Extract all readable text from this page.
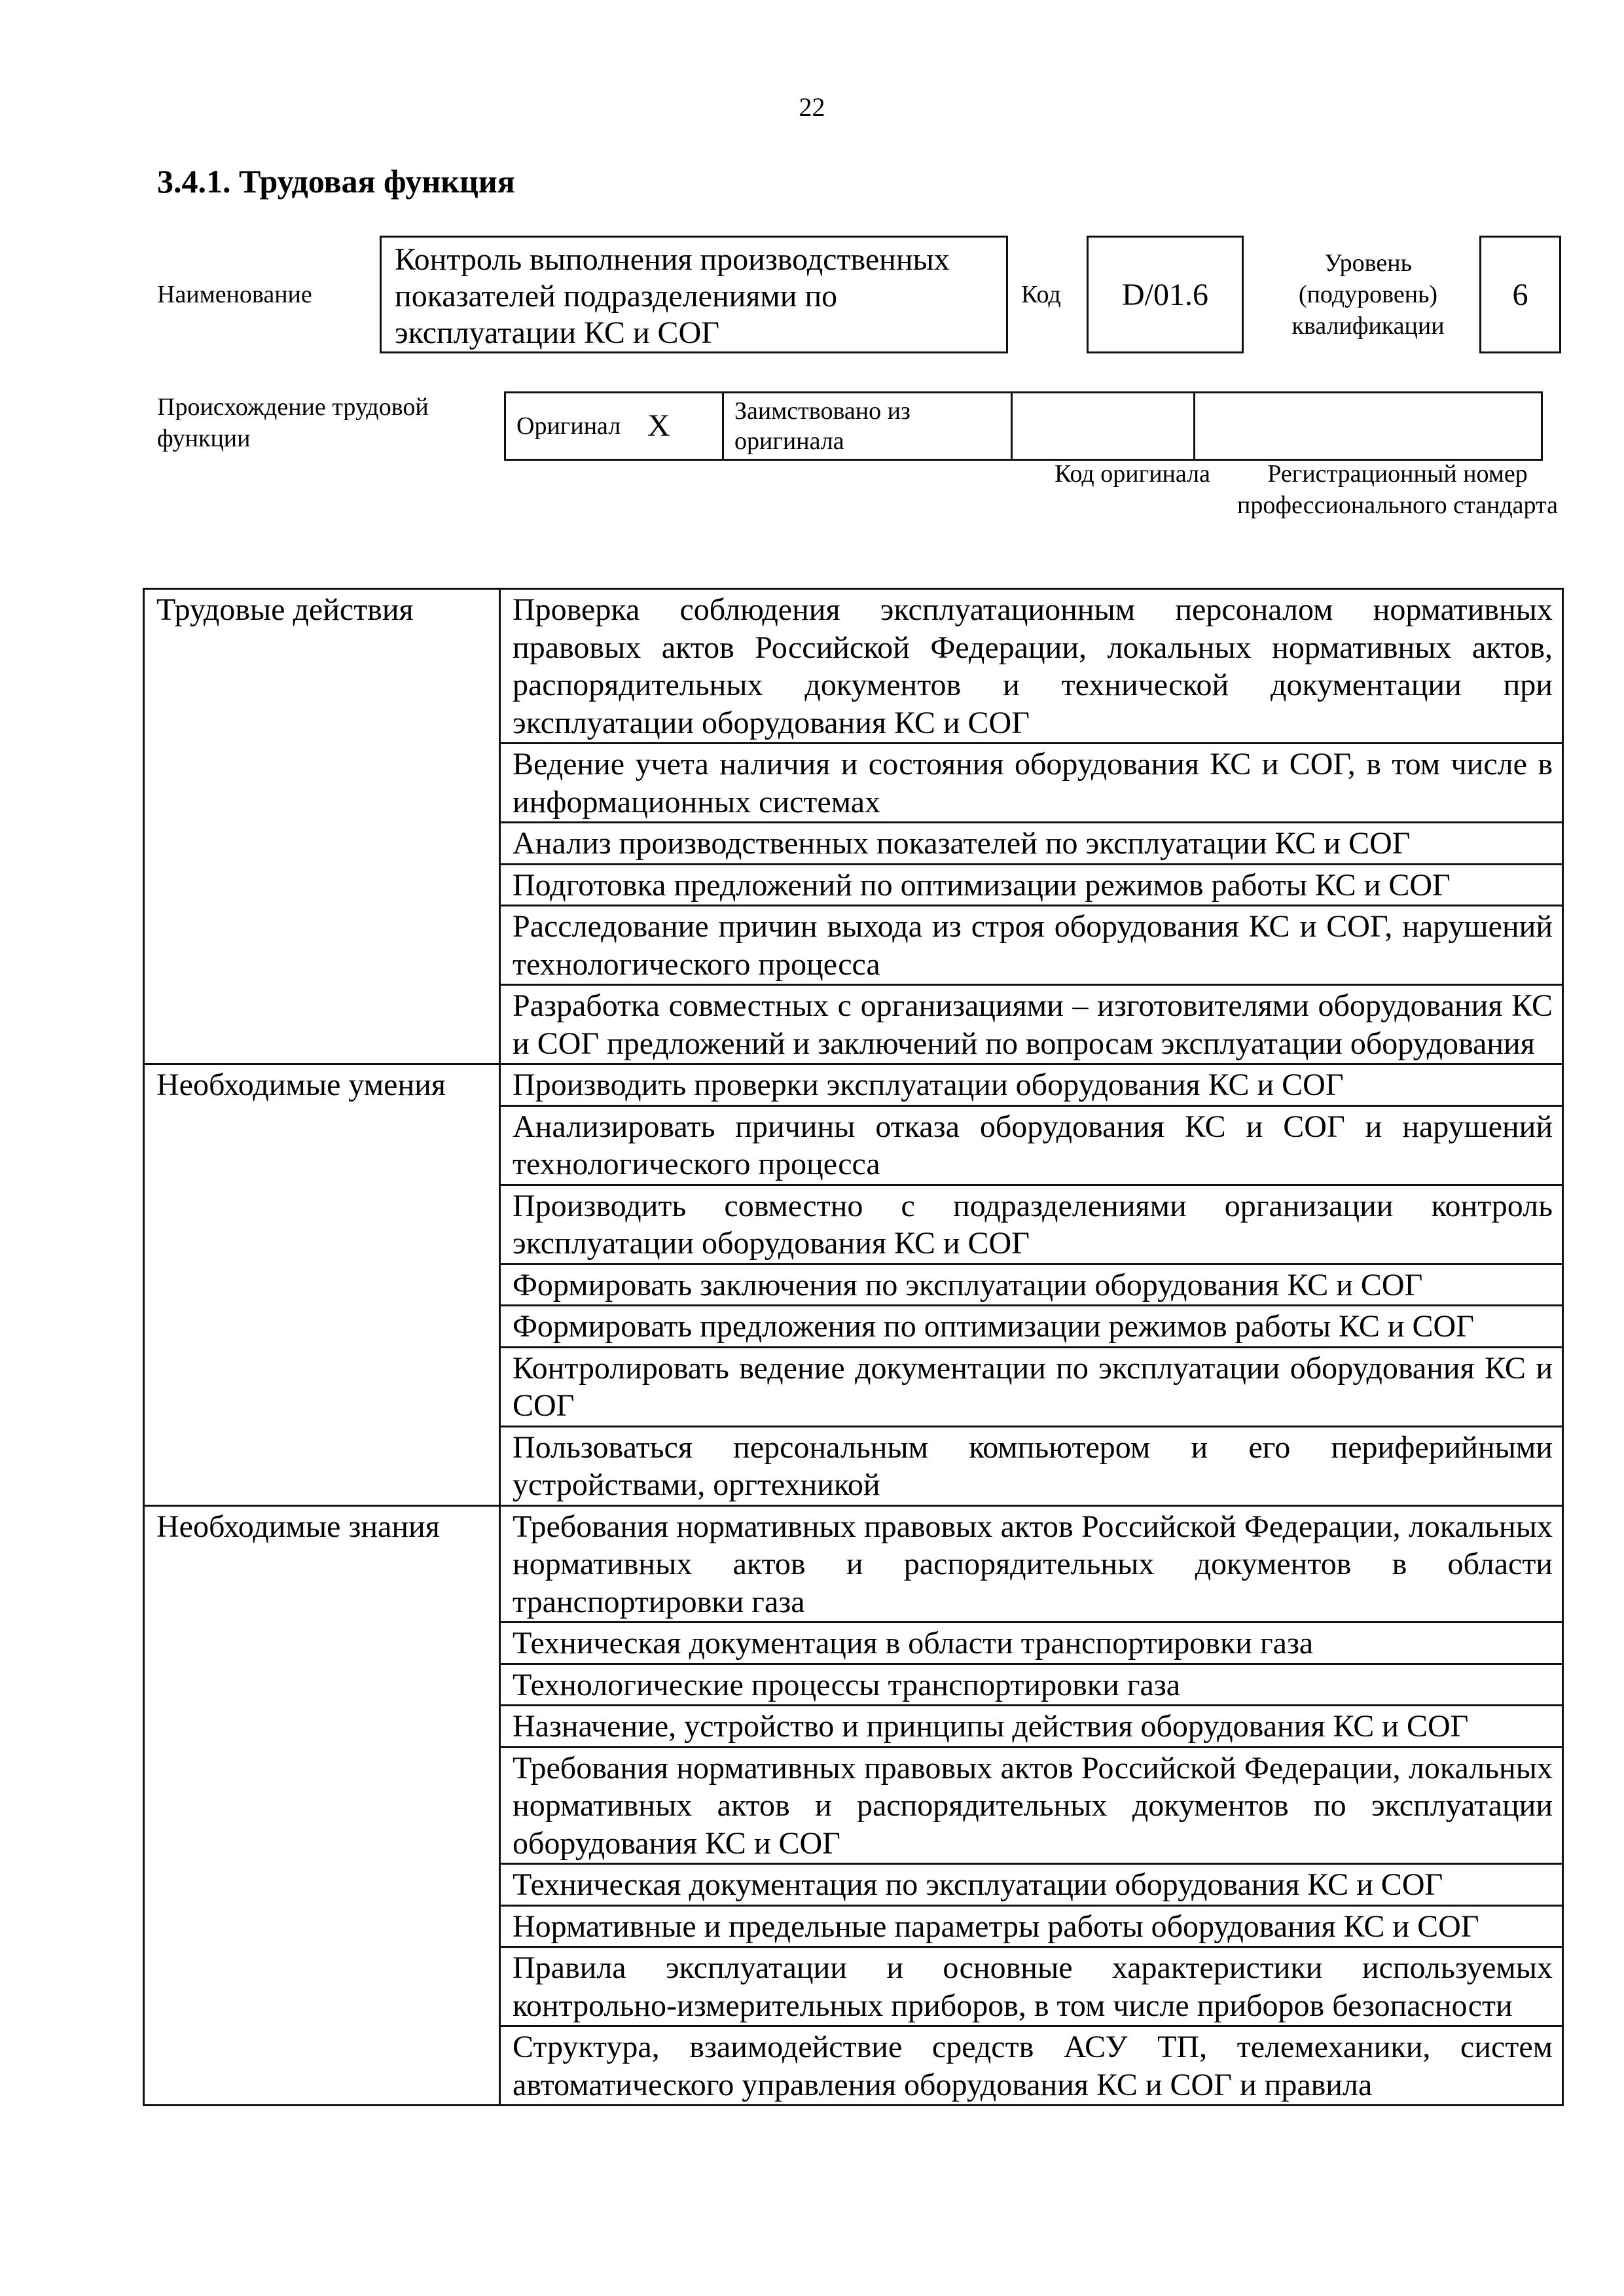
22
3.4.1. Трудовая функция
Наименование
Контроль выполнения производственных показателей подразделениями по эксплуатации КС и СОГ
Код D/01.6
Уровень (подуровень) квалификации
6
Происхождение трудовой функции	Оригинал	X	Заимствовано из оригинала		
Код оригинала	Регистрационный номер профессионального стандарта
Трудовые действия	Проверка соблюдения эксплуатационным персоналом нормативных правовых актов Российской Федерации, локальных нормативных актов, распорядительных документов и технической документации при эксплуатации оборудования КС и СОГ
	Ведение учета наличия и состояния оборудования КС и СОГ, в том числе в информационных системах
	Анализ производственных показателей по эксплуатации КС и СОГ
	Подготовка предложений по оптимизации режимов работы КС и СОГ
	Расследование причин выхода из строя оборудования КС и СОГ, нарушений технологического процесса
	Разработка совместных с организациями – изготовителями оборудования КС и СОГ предложений и заключений по вопросам эксплуатации оборудования
Необходимые умения	Производить проверки эксплуатации оборудования КС и СОГ
	Анализировать причины отказа оборудования КС и СОГ и нарушений технологического процесса
	Производить совместно с подразделениями организации контроль эксплуатации оборудования КС и СОГ
	Формировать заключения по эксплуатации оборудования КС и СОГ
	Формировать предложения по оптимизации режимов работы КС и СОГ
	Контролировать ведение документации по эксплуатации оборудования КС и СОГ
	Пользоваться персональным компьютером и его периферийными устройствами, оргтехникой
Необходимые знания	Требования нормативных правовых актов Российской Федерации, локальных нормативных актов и распорядительных документов в области транспортировки газа
	Техническая документация в области транспортировки газа
	Технологические процессы транспортировки газа
	Назначение, устройство и принципы действия оборудования КС и СОГ
	Требования нормативных правовых актов Российской Федерации, локальных нормативных актов и распорядительных документов по эксплуатации оборудования КС и СОГ
	Техническая документация по эксплуатации оборудования КС и СОГ
	Нормативные и предельные параметры работы оборудования КС и СОГ
	Правила эксплуатации и основные характеристики используемых контрольно-измерительных приборов, в том числе приборов безопасности
	Структура, взаимодействие средств АСУ ТП, телемеханики, систем автоматического управления оборудования КС и СОГ и правила
